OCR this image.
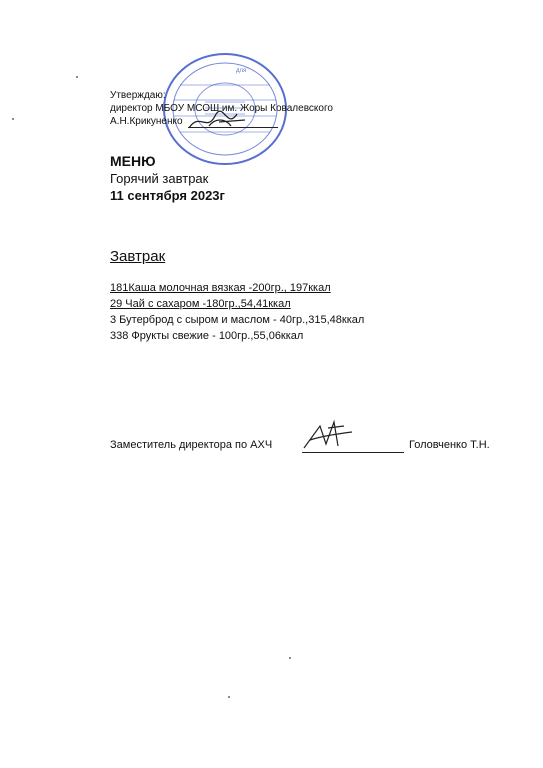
для
Утверждаю:
директор МБОУ МСОШ им. Жоры Ковалевского
А.Н.Крикуненко
МЕНЮ
Горячий завтрак
11 сентября 2023г
Завтрак
181Каша молочная вязкая -200гр., 197ккал
29 Чай с сахаром -180гр.,54,41ккал
3 Бутерброд с сыром и маслом - 40гр.,315,48ккал
338 Фрукты свежие - 100гр.,55,06ккал
Заместитель директора по АХЧ	Головченко Т.Н.
